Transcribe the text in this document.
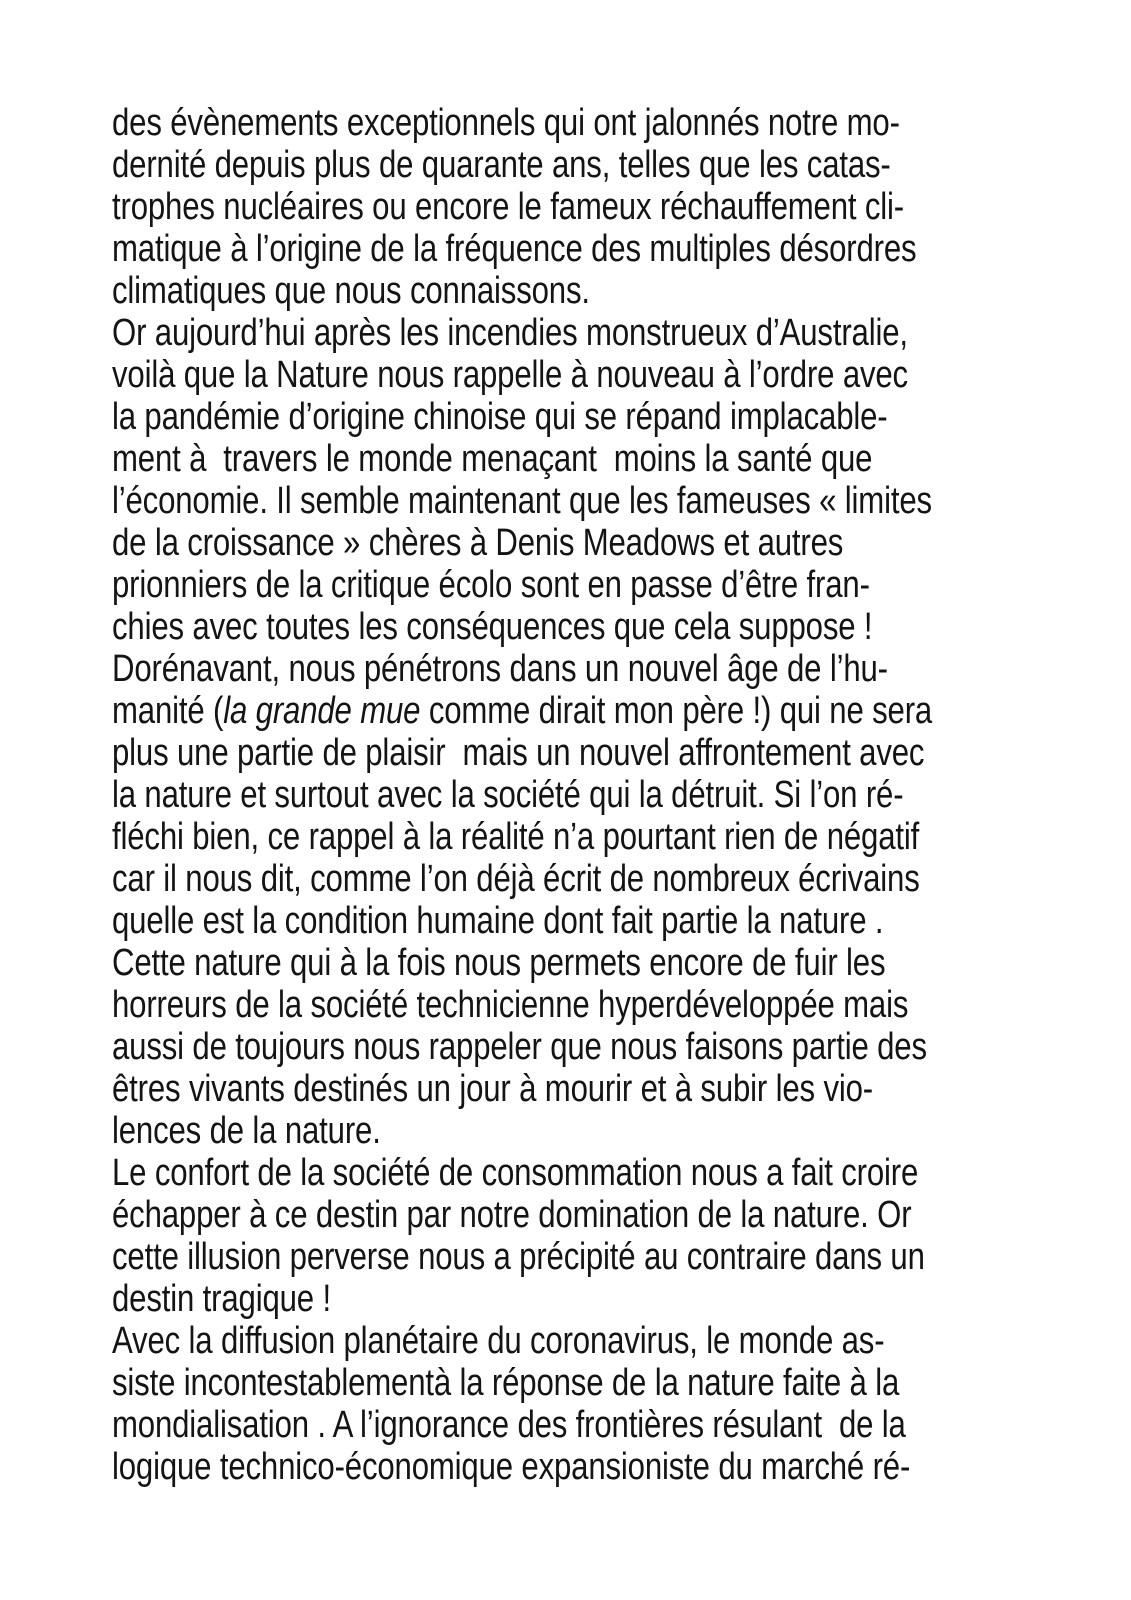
des évènements exceptionnels qui ont jalonnés notre mo-
dernité depuis plus de quarante ans, telles que les catas-
trophes nucléaires ou encore le fameux réchauffement cli-
matique à l’origine de la fréquence des multiples désordres
climatiques que nous connaissons.
Or aujourd’hui après les incendies monstrueux d’Australie,
voilà que la Nature nous rappelle à nouveau à l’ordre avec
la pandémie d’origine chinoise qui se répand implacable-
ment à  travers le monde menaçant  moins la santé que
l’économie. Il semble maintenant que les fameuses « limites
de la croissance » chères à Denis Meadows et autres
prionniers de la critique écolo sont en passe d’être fran-
chies avec toutes les conséquences que cela suppose !
Dorénavant, nous pénétrons dans un nouvel âge de l’hu-
manité (la grande mue comme dirait mon père !) qui ne sera
plus une partie de plaisir  mais un nouvel affrontement avec
la nature et surtout avec la société qui la détruit. Si l’on ré-
fléchi bien, ce rappel à la réalité n’a pourtant rien de négatif
car il nous dit, comme l’on déjà écrit de nombreux écrivains
quelle est la condition humaine dont fait partie la nature .
Cette nature qui à la fois nous permets encore de fuir les
horreurs de la société technicienne hyperdéveloppée mais
aussi de toujours nous rappeler que nous faisons partie des
êtres vivants destinés un jour à mourir et à subir les vio-
lences de la nature.
Le confort de la société de consommation nous a fait croire
échapper à ce destin par notre domination de la nature. Or
cette illusion perverse nous a précipité au contraire dans un
destin tragique !
Avec la diffusion planétaire du coronavirus, le monde as-
siste incontestablementà la réponse de la nature faite à la
mondialisation . A l’ignorance des frontières résulant  de la
logique technico-économique expansioniste du marché ré-
